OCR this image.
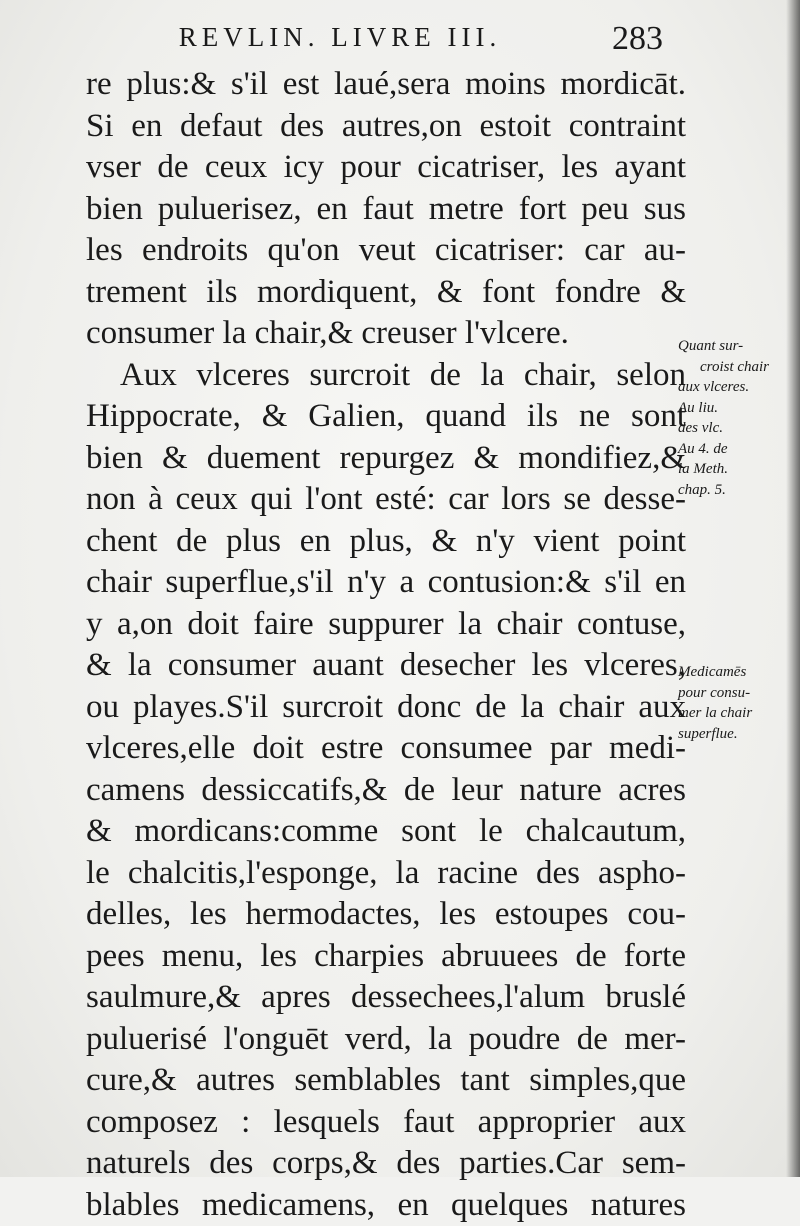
REVLIN. LIVRE III.	283
re plus:& s'il est laué,sera moins mordicāt.
Si en defaut des autres,on estoit contraint
vser de ceux icy pour cicatriser, les ayant
bien puluerisez, en faut metre fort peu sus
les endroits qu'on veut cicatriser: car au-
trement ils mordiquent, & font fondre &
consumer la chair,& creuser l'vlcere.
Aux vlceres surcroit de la chair, selon
Hippocrate, & Galien, quand ils ne sont
bien & duement repurgez & mondifiez,&
non à ceux qui l'ont esté: car lors se desse-
chent de plus en plus, & n'y vient point
chair superflue,s'il n'y a contusion:& s'il en
y a,on doit faire suppurer la chair contuse,
& la consumer auant desecher les vlceres,
ou playes.S'il surcroit donc de la chair aux
vlceres,elle doit estre consumee par medi-
camens dessiccatifs,& de leur nature acres
& mordicans:comme sont le chalcautum,
le chalcitis,l'esponge, la racine des aspho-
delles, les hermodactes, les estoupes cou-
pees menu, les charpies abruuees de forte
saulmure,& apres dessechees,l'alum bruslé
puluerisé l'onguēt verd, la poudre de mer-
cure,& autres semblables tant simples,que
composez : lesquels faut approprier aux
naturels des corps,& des parties.Car sem-
blables medicamens, en quelques natures
Quant sur-
croist chair
aux vlceres.
Au liu.
des vlc.
Au 4. de
la Meth.
chap. 5.
Medicamēs
pour consu-
mer la chair
superflue.
